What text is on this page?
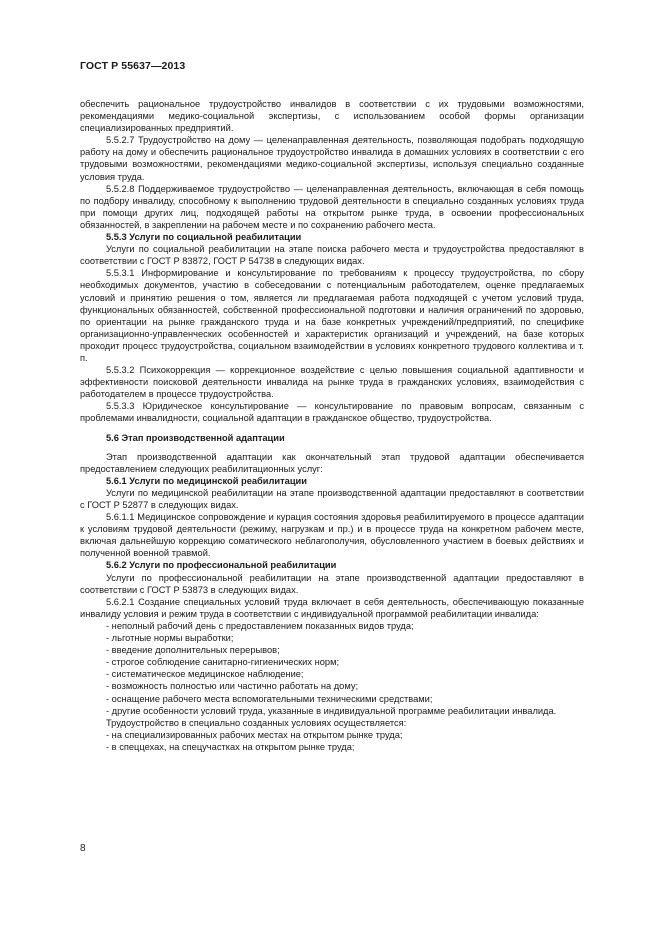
ГОСТ Р 55637—2013

обеспечить рациональное трудоустройство инвалидов в соответствии с их трудовыми возможностями, рекомендациями медико-социальной экспертизы, с использованием особой формы организации специализированных предприятий.

5.5.2.7 Трудоустройство на дому — целенаправленная деятельность, позволяющая подобрать подходящую работу на дому и обеспечить рациональное трудоустройство инвалида в домашних условиях в соответствии с его трудовыми возможностями, рекомендациями медико-социальной экспертизы, используя специально созданные условия труда.

5.5.2.8 Поддерживаемое трудоустройство — целенаправленная деятельность, включающая в себя помощь по подбору инвалиду, способному к выполнению трудовой деятельности в специально созданных условиях труда при помощи других лиц, подходящей работы на открытом рынке труда, в освоении профессиональных обязанностей, в закреплении на рабочем месте и по сохранению рабочего места.

5.5.3 Услуги по социальной реабилитации

Услуги по социальной реабилитации на этапе поиска рабочего места и трудоустройства предоставляют в соответствии с ГОСТ Р 83872, ГОСТ Р 54738 в следующих видах.

5.5.3.1 Информирование и консультирование по требованиям к процессу трудоустройства, по сбору необходимых документов, участию в собеседовании с потенциальным работодателем, оценке предлагаемых условий и принятию решения о том, является ли предлагаемая работа подходящей с учетом условий труда, функциональных обязанностей, собственной профессиональной подготовки и наличия ограничений по здоровью, по ориентации на рынке гражданского труда и на базе конкретных учреждений/предприятий, по специфике организационно-управленческих особенностей и характеристик организаций и учреждений, на базе которых проходит процесс трудоустройства, социальном взаимодействии в условиях конкретного трудового коллектива и т. п.

5.5.3.2 Психокоррекция — коррекционное воздействие с целью повышения социальной адаптивности и эффективности поисковой деятельности инвалида на рынке труда в гражданских условиях, взаимодействия с работодателем в процессе трудоустройства.

5.5.3.3 Юридическое консультирование — консультирование по правовым вопросам, связанным с проблемами инвалидности, социальной адаптации в гражданское общество, трудоустройства.

5.6 Этап производственной адаптации

Этап производственной адаптации как окончательный этап трудовой адаптации обеспечивается предоставлением следующих реабилитационных услуг:

5.6.1 Услуги по медицинской реабилитации

Услуги по медицинской реабилитации на этапе производственной адаптации предоставляют в соответствии с ГОСТ Р 52877 в следующих видах.

5.6.1.1 Медицинское сопровождение и курация состояния здоровья реабилитируемого в процессе адаптации к условиям трудовой деятельности (режиму, нагрузкам и пр.) и в процессе труда на конкретном рабочем месте, включая дальнейшую коррекцию соматического неблагополучия, обусловленного участием в боевых действиях и полученной военной травмой.

5.6.2 Услуги по профессиональной реабилитации

Услуги по профессиональной реабилитации на этапе производственной адаптации предоставляют в соответствии с ГОСТ Р 53873 в следующих видах.

5.6.2.1 Создание специальных условий труда включает в себя деятельность, обеспечивающую показанные инвалиду условия и режим труда в соответствии с индивидуальной программой реабилитации инвалида:

- неполный рабочий день с предоставлением показанных видов труда;

- льготные нормы выработки;

- введение дополнительных перерывов;

- строгое соблюдение санитарно-гигиенических норм;

- систематическое медицинское наблюдение;

- возможность полностью или частично работать на дому;

- оснащение рабочего места вспомогательными техническими средствами;

- другие особенности условий труда, указанные в индивидуальной программе реабилитации инвалида.

Трудоустройство в специально созданных условиях осуществляется:

- на специализированных рабочих местах на открытом рынке труда;

- в спеццехах, на спецучастках на открытом рынке труда;

8
